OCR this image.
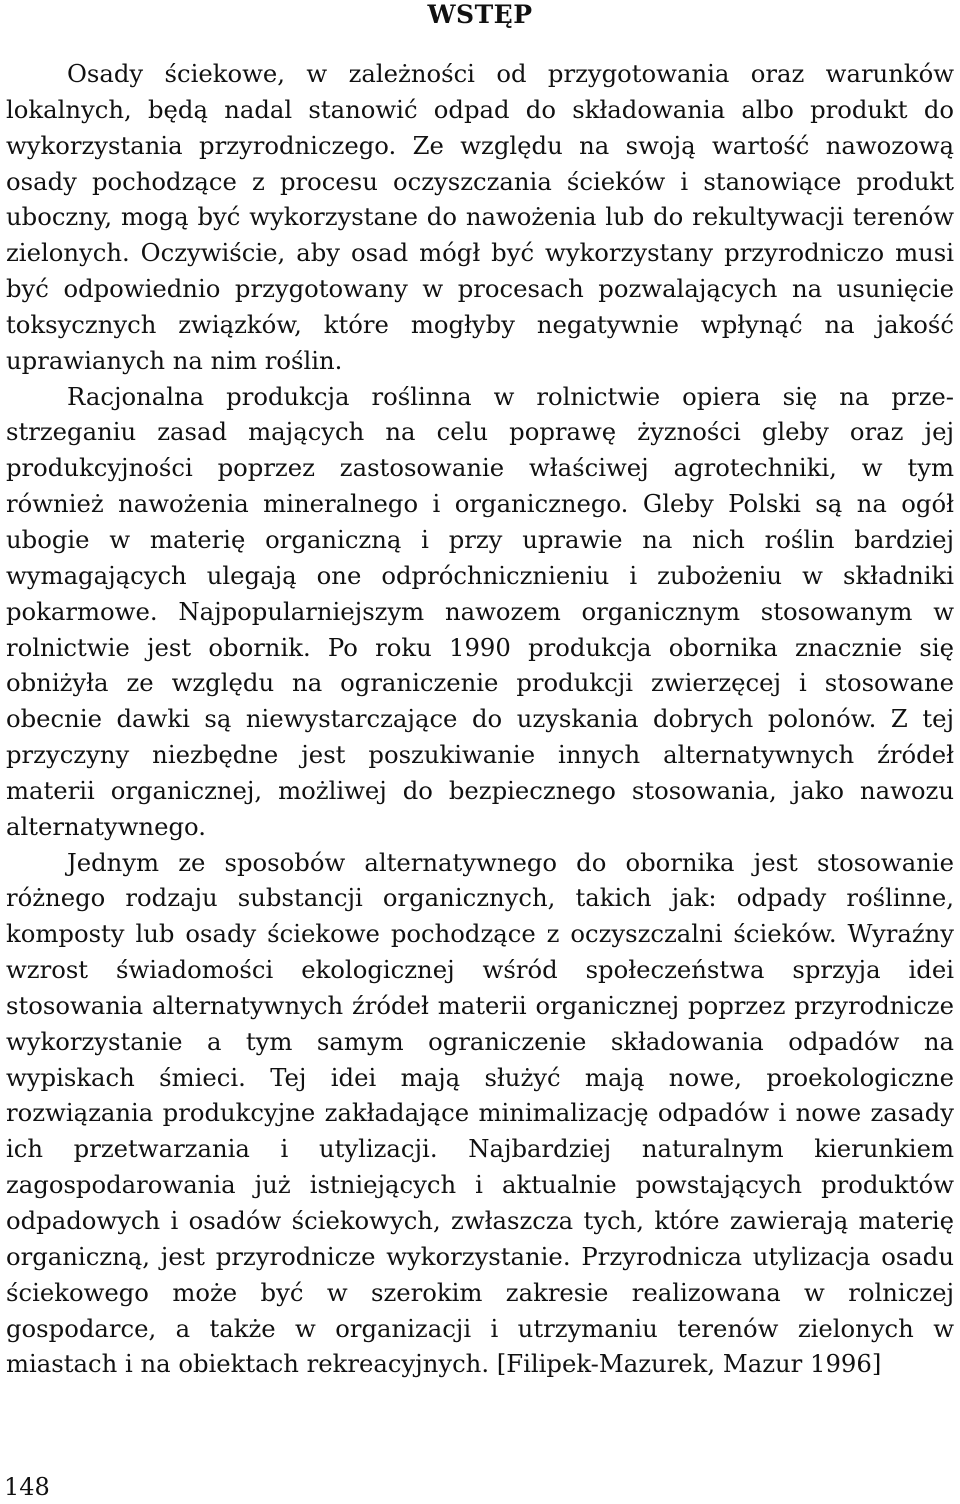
WSTĘP

Osady ściekowe, w zależności od przygotowania oraz warunków lokalnych, będą nadal stanowić odpad do składowania albo produkt do wykorzystania przyrodniczego. Ze względu na swoją wartość nawozową osady pochodzące z procesu oczyszczania ścieków i stanowiące produkt uboczny, mogą być wykorzystane do nawożenia lub do rekultywacji terenów zielonych. Oczywiście, aby osad mógł być wykorzystany przyrodniczo musi być odpowiednio przygotowany w procesach pozwalających na usunięcie toksycznych związków, które mogłyby negatywnie wpłynąć na jakość uprawianych na nim roślin.

Racjonalna produkcja roślinna w rolnictwie opiera się na przestrzeganiu zasad mających na celu poprawę żyzności gleby oraz jej produkcyjności poprzez zastosowanie właściwej agrotechniki, w tym również nawożenia mineralnego i organicznego. Gleby Polski są na ogół ubogie w materię organiczną i przy uprawie na nich roślin bardziej wymagających ulegają one odpróchnicznieniu i zubożeniu w składniki pokarmowe. Najpopularniejszym nawozem organicznym stosowanym w rolnictwie jest obornik. Po roku 1990 produkcja obornika znacznie się obniżyła ze względu na ograniczenie produkcji zwierzęcej i stosowane obecnie dawki są niewystarczające do uzyskania dobrych polonów. Z tej przyczyny niezbędne jest poszukiwanie innych alternatywnych źródeł materii organicznej, możliwej do bezpiecznego stosowania, jako nawozu alternatywnego.

Jednym ze sposobów alternatywnego do obornika jest stosowanie różnego rodzaju substancji organicznych, takich jak: odpady roślinne, komposty lub osady ściekowe pochodzące z oczyszczalni ścieków. Wyraźny wzrost świadomości ekologicznej wśród społeczeństwa sprzyja idei stosowania alternatywnych źródeł materii organicznej poprzez przyrodnicze wykorzystanie a tym samym ograniczenie składowania odpadów na wypiskach śmieci. Tej idei mają służyć mają nowe, proekologiczne rozwiązania produkcyjne zakładające minimalizację odpadów i nowe zasady ich przetwarzania i utylizacji. Najbardziej naturalnym kierunkiem zagospodarowania już istniejących i aktualnie powstających produktów odpadowych i osadów ściekowych, zwłaszcza tych, które zawierają materię organiczną, jest przyrodnicze wykorzystanie. Przyrodnicza utylizacja osadu ściekowego może być w szerokim zakresie realizowana w rolniczej gospodarce, a także w organizacji i utrzymaniu terenów zielonych w miastach i na obiektach rekreacyjnych. [Filipek-Mazurek, Mazur 1996]

148
